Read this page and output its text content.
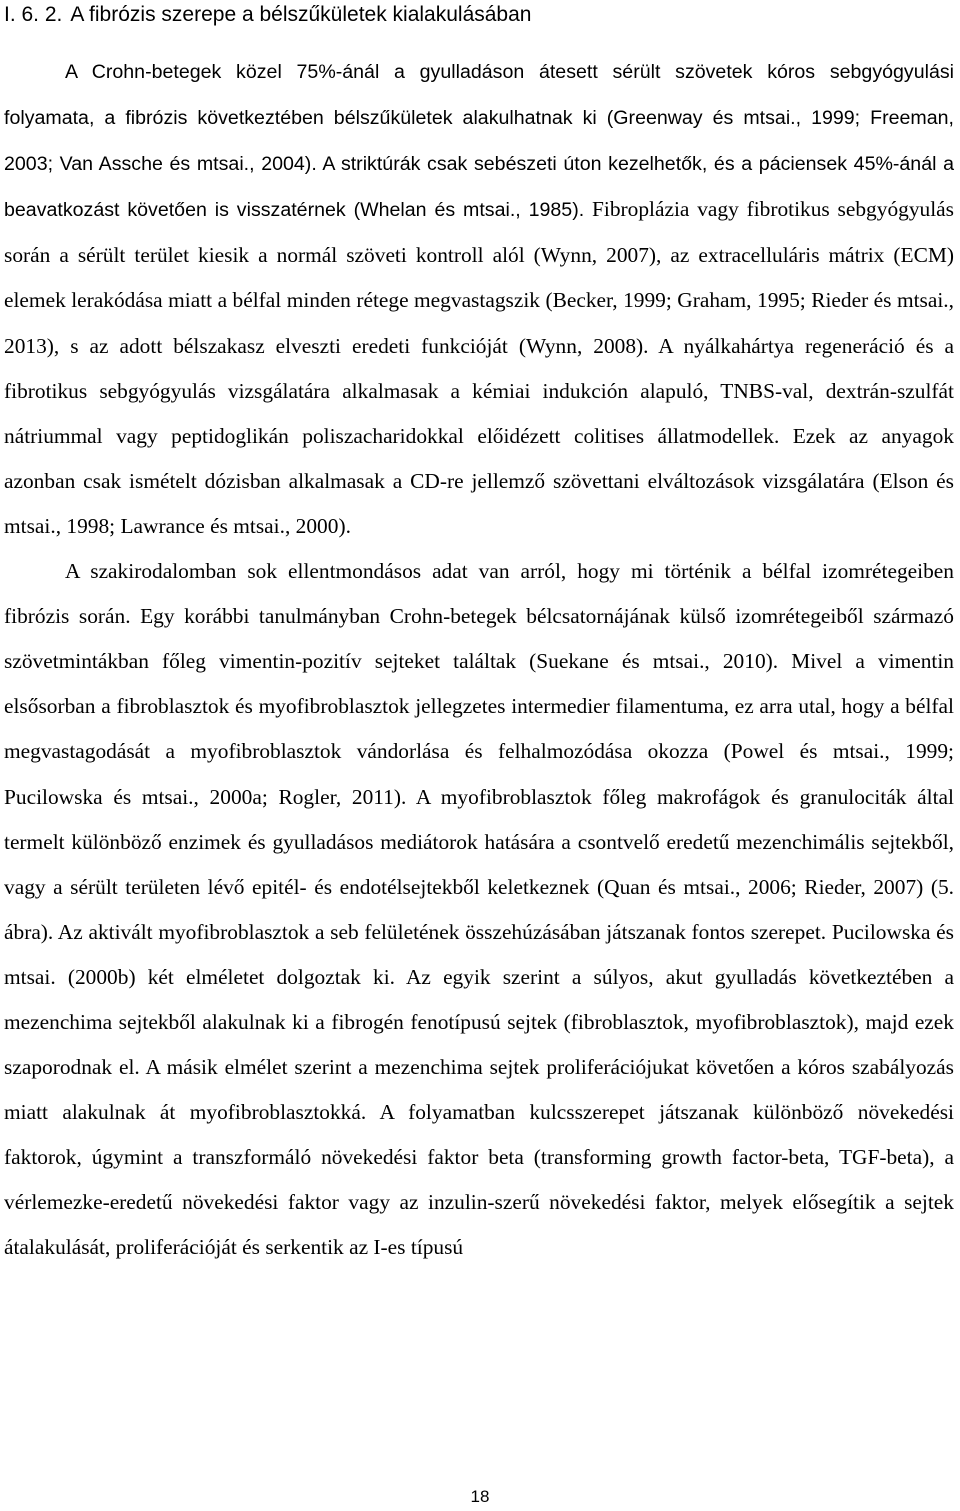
I. 6. 2. A fibrózis szerepe a bélszűkületek kialakulásában

A Crohn-betegek közel 75%-ánál a gyulladáson átesett sérült szövetek kóros sebgyógyulási folyamata, a fibrózis következtében bélszűkületek alakulhatnak ki (Greenway és mtsai., 1999; Freeman, 2003; Van Assche és mtsai., 2004). A striktúrák csak sebészeti úton kezelhetők, és a páciensek 45%-ánál a beavatkozást követően is visszatérnek (Whelan és mtsai., 1985). Fibroplázia vagy fibrotikus sebgyógyulás során a sérült terület kiesik a normál szöveti kontroll alól (Wynn, 2007), az extracelluláris mátrix (ECM) elemek lerakódása miatt a bélfal minden rétege megvastagszik (Becker, 1999; Graham, 1995; Rieder és mtsai., 2013), s az adott bélszakasz elveszti eredeti funkcióját (Wynn, 2008). A nyálkahártya regeneráció és a fibrotikus sebgyógyulás vizsgálatára alkalmasak a kémiai indukción alapuló, TNBS-val, dextrán-szulfát nátriummal vagy peptidoglikán poliszacharidokkal előidézett colitises állatmodellek. Ezek az anyagok azonban csak ismételt dózisban alkalmasak a CD-re jellemző szövettani elváltozások vizsgálatára (Elson és mtsai., 1998; Lawrance és mtsai., 2000).

A szakirodalomban sok ellentmondásos adat van arról, hogy mi történik a bélfal izomrétegeiben fibrózis során. Egy korábbi tanulmányban Crohn-betegek bélcsatornájának külső izomrétegeiből származó szövetmintákban főleg vimentin-pozitív sejteket találtak (Suekane és mtsai., 2010). Mivel a vimentin elsősorban a fibroblasztok és myofibroblasztok jellegzetes intermedier filamentuma, ez arra utal, hogy a bélfal megvastagodását a myofibroblasztok vándorlása és felhalmozódása okozza (Powel és mtsai., 1999; Pucilowska és mtsai., 2000a; Rogler, 2011). A myofibroblasztok főleg makrofágok és granulociták által termelt különböző enzimek és gyulladásos mediátorok hatására a csontvelő eredetű mezenchimális sejtekből, vagy a sérült területen lévő epitél- és endotélsejtekből keletkeznek (Quan és mtsai., 2006; Rieder, 2007) (5. ábra). Az aktivált myofibroblasztok a seb felületének összehúzásában játszanak fontos szerepet. Pucilowska és mtsai. (2000b) két elméletet dolgoztak ki. Az egyik szerint a súlyos, akut gyulladás következtében a mezenchima sejtekből alakulnak ki a fibrogén fenotípusú sejtek (fibroblasztok, myofibroblasztok), majd ezek szaporodnak el. A másik elmélet szerint a mezenchima sejtek proliferációjukat követően a kóros szabályozás miatt alakulnak át myofibroblasztokká. A folyamatban kulcsszerepet játszanak különböző növekedési faktorok, úgymint a transzformáló növekedési faktor beta (transforming growth factor-beta, TGF-beta), a vérlemezke-eredetű növekedési faktor vagy az inzulin-szerű növekedési faktor, melyek elősegítik a sejtek átalakulását, proliferációját és serkentik az I-es típusú

18
